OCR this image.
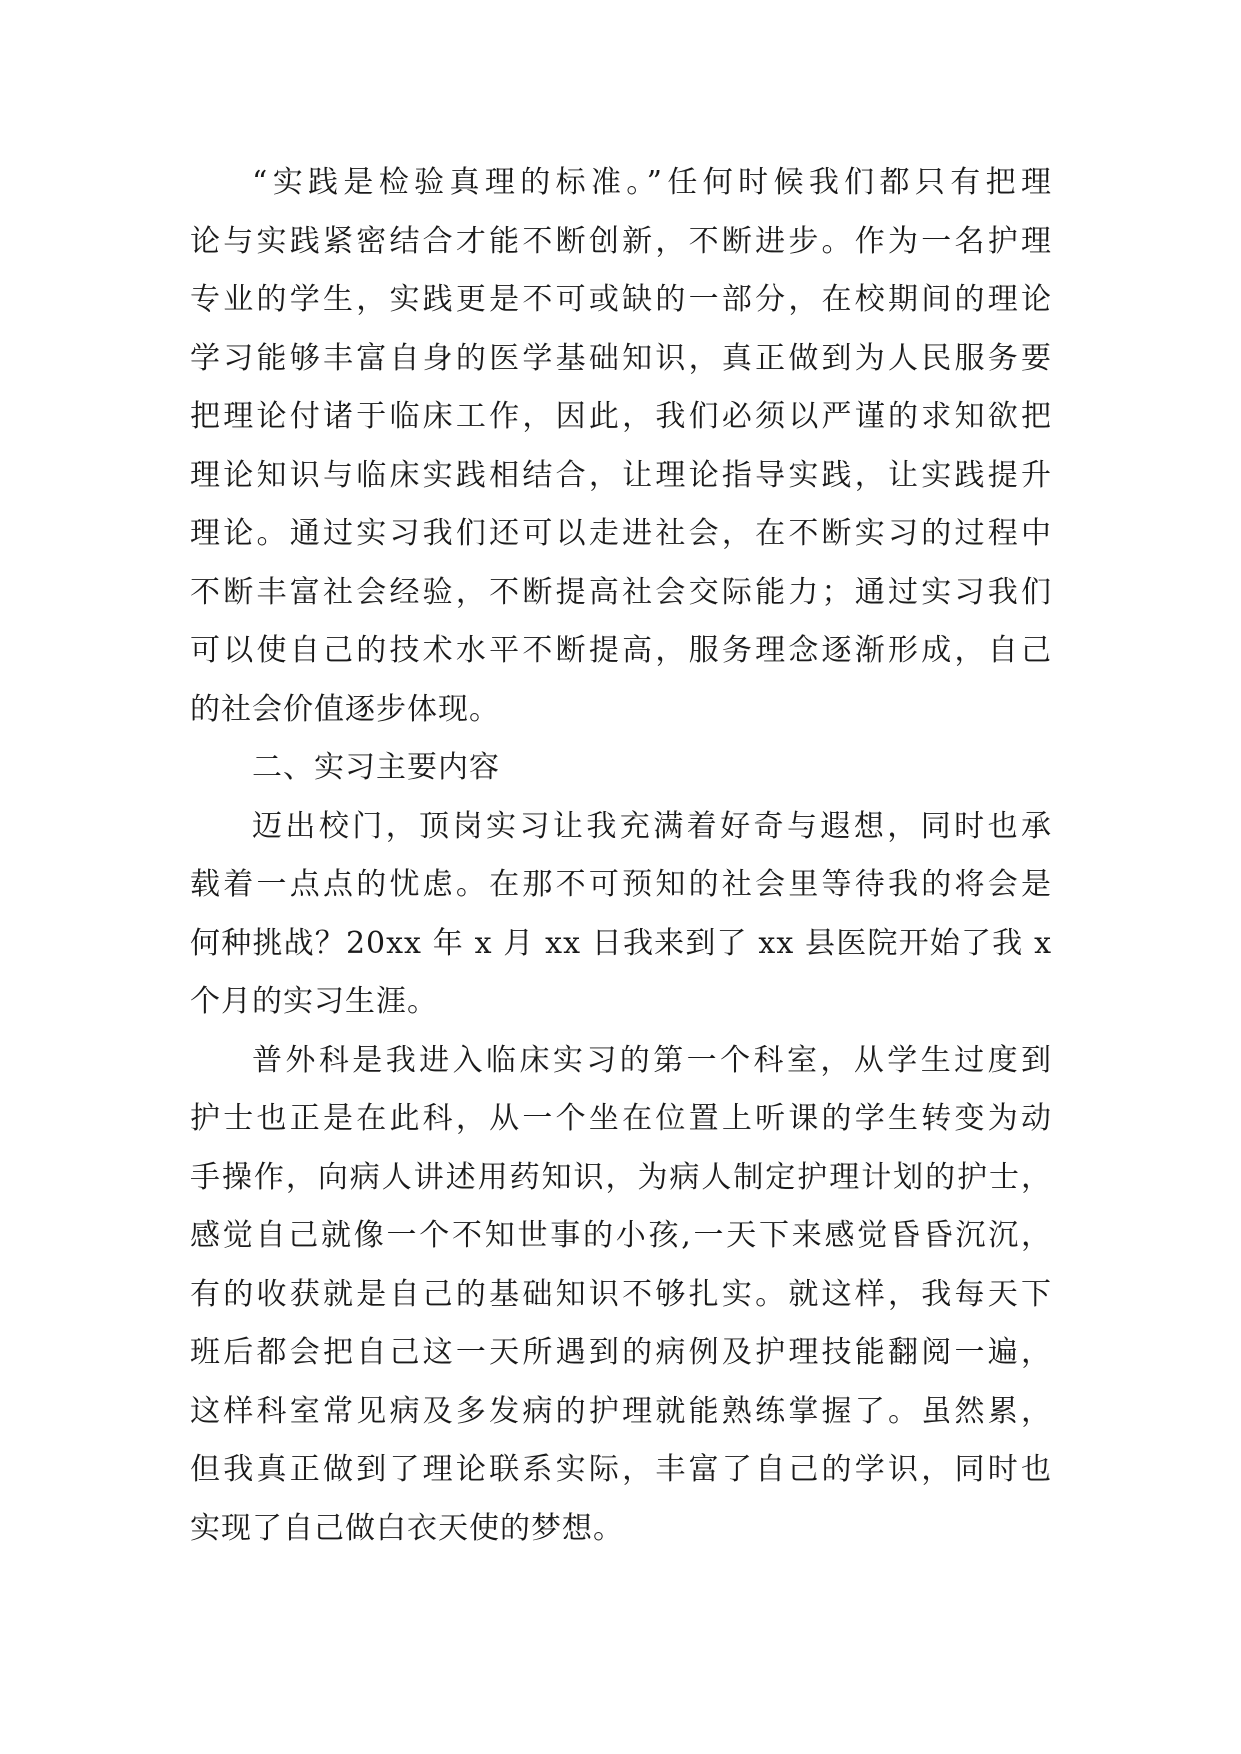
“实践是检验真理的标准。”任何时候我们都只有把理
论与实践紧密结合才能不断创新，不断进步。作为一名护理
专业的学生，实践更是不可或缺的一部分，在校期间的理论
学习能够丰富自身的医学基础知识，真正做到为人民服务要
把理论付诸于临床工作，因此，我们必须以严谨的求知欲把
理论知识与临床实践相结合，让理论指导实践，让实践提升
理论。通过实习我们还可以走进社会，在不断实习的过程中
不断丰富社会经验，不断提高社会交际能力；通过实习我们
可以使自己的技术水平不断提高，服务理念逐渐形成，自己
的社会价值逐步体现。
二、实习主要内容
迈出校门，顶岗实习让我充满着好奇与遐想，同时也承
载着一点点的忧虑。在那不可预知的社会里等待我的将会是
何种挑战？20xx 年 x 月 xx 日我来到了 xx 县医院开始了我 x
个月的实习生涯。
普外科是我进入临床实习的第一个科室，从学生过度到
护士也正是在此科，从一个坐在位置上听课的学生转变为动
手操作，向病人讲述用药知识，为病人制定护理计划的护士，
感觉自己就像一个不知世事的小孩,一天下来感觉昏昏沉沉，
有的收获就是自己的基础知识不够扎实。就这样，我每天下
班后都会把自己这一天所遇到的病例及护理技能翻阅一遍，
这样科室常见病及多发病的护理就能熟练掌握了。虽然累，
但我真正做到了理论联系实际，丰富了自己的学识，同时也
实现了自己做白衣天使的梦想。
